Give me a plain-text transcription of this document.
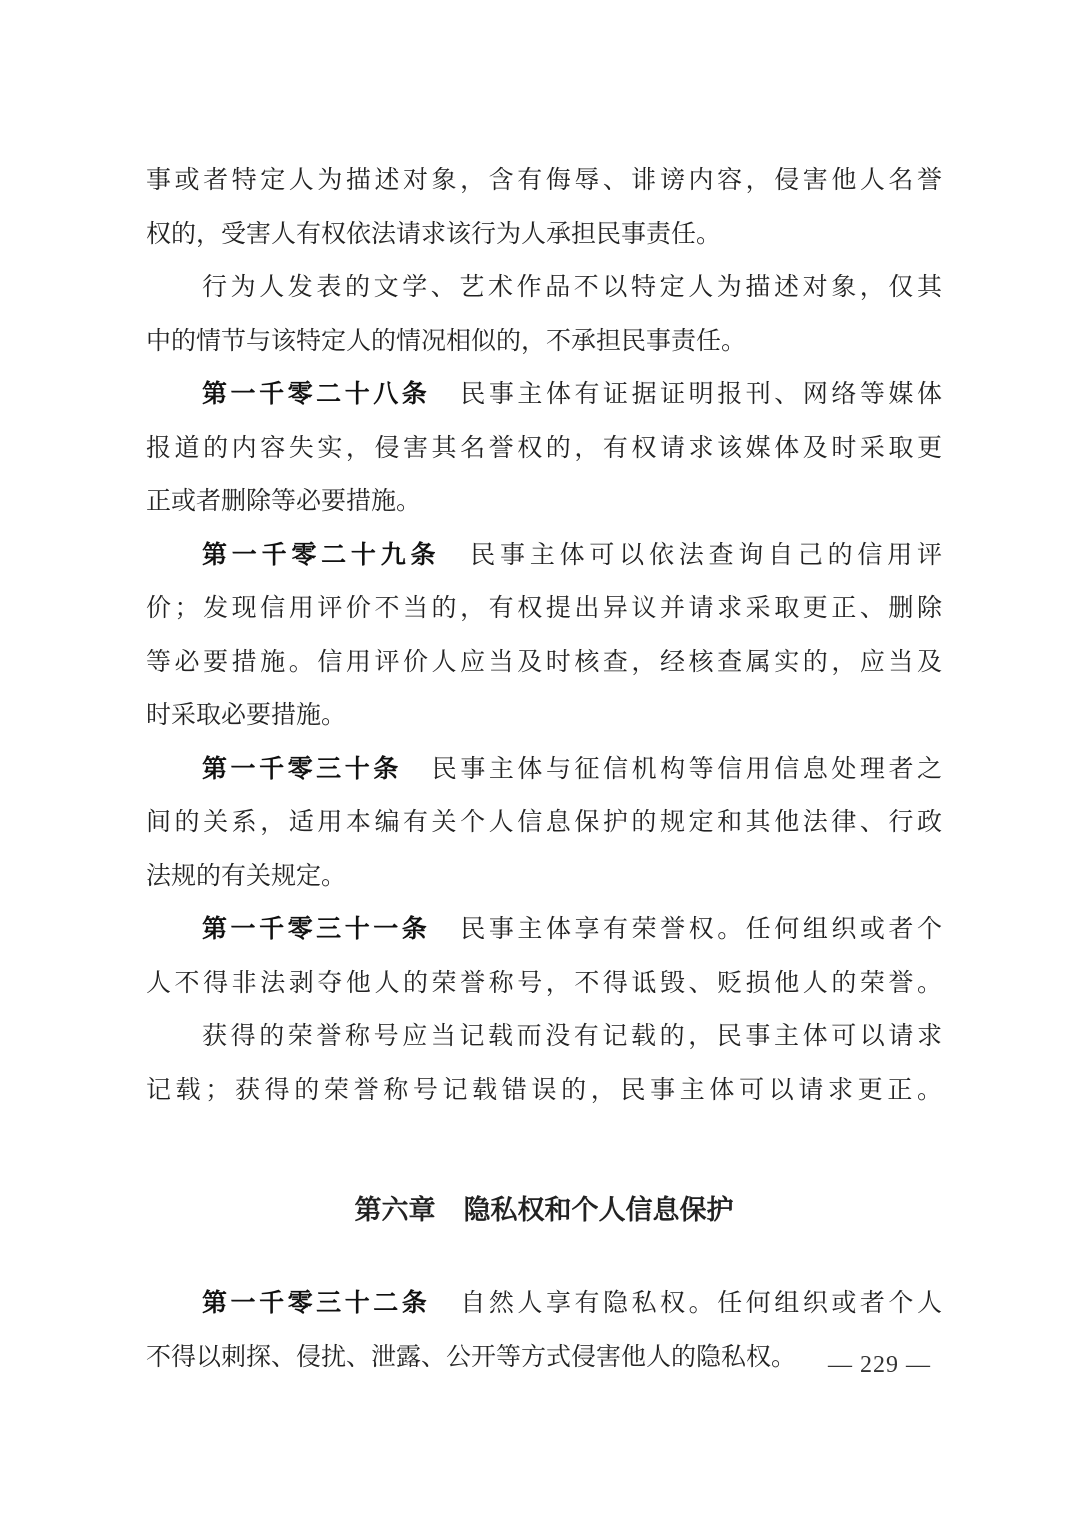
事或者特定人为描述对象，含有侮辱、诽谤内容，侵害他人名誉
权的，受害人有权依法请求该行为人承担民事责任。
行为人发表的文学、艺术作品不以特定人为描述对象，仅其
中的情节与该特定人的情况相似的，不承担民事责任。
第一千零二十八条 民事主体有证据证明报刊、网络等媒体
报道的内容失实，侵害其名誉权的，有权请求该媒体及时采取更
正或者删除等必要措施。
第一千零二十九条 民事主体可以依法查询自己的信用评
价；发现信用评价不当的，有权提出异议并请求采取更正、删除
等必要措施。信用评价人应当及时核查，经核查属实的，应当及
时采取必要措施。
第一千零三十条 民事主体与征信机构等信用信息处理者之
间的关系，适用本编有关个人信息保护的规定和其他法律、行政
法规的有关规定。
第一千零三十一条 民事主体享有荣誉权。任何组织或者个
人不得非法剥夺他人的荣誉称号，不得诋毁、贬损他人的荣誉。
获得的荣誉称号应当记载而没有记载的，民事主体可以请求
记载；获得的荣誉称号记载错误的，民事主体可以请求更正。
第六章 隐私权和个人信息保护
第一千零三十二条 自然人享有隐私权。任何组织或者个人
不得以刺探、侵扰、泄露、公开等方式侵害他人的隐私权。	— 229 —
